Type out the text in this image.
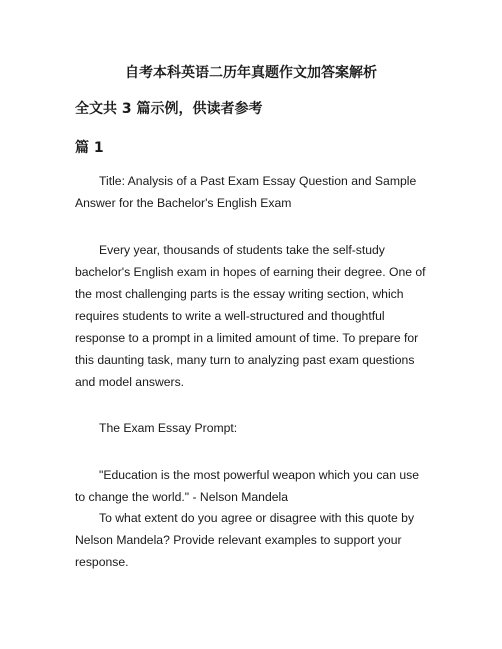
自考本科英语二历年真题作文加答案解析
全文共 3 篇示例，供读者参考
篇 1

Title: Analysis of a Past Exam Essay Question and Sample Answer for the Bachelor's English Exam

Every year, thousands of students take the self-study bachelor's English exam in hopes of earning their degree. One of the most challenging parts is the essay writing section, which requires students to write a well-structured and thoughtful response to a prompt in a limited amount of time. To prepare for this daunting task, many turn to analyzing past exam questions and model answers.

The Exam Essay Prompt:

"Education is the most powerful weapon which you can use to change the world." - Nelson Mandela

To what extent do you agree or disagree with this quote by Nelson Mandela? Provide relevant examples to support your response.
